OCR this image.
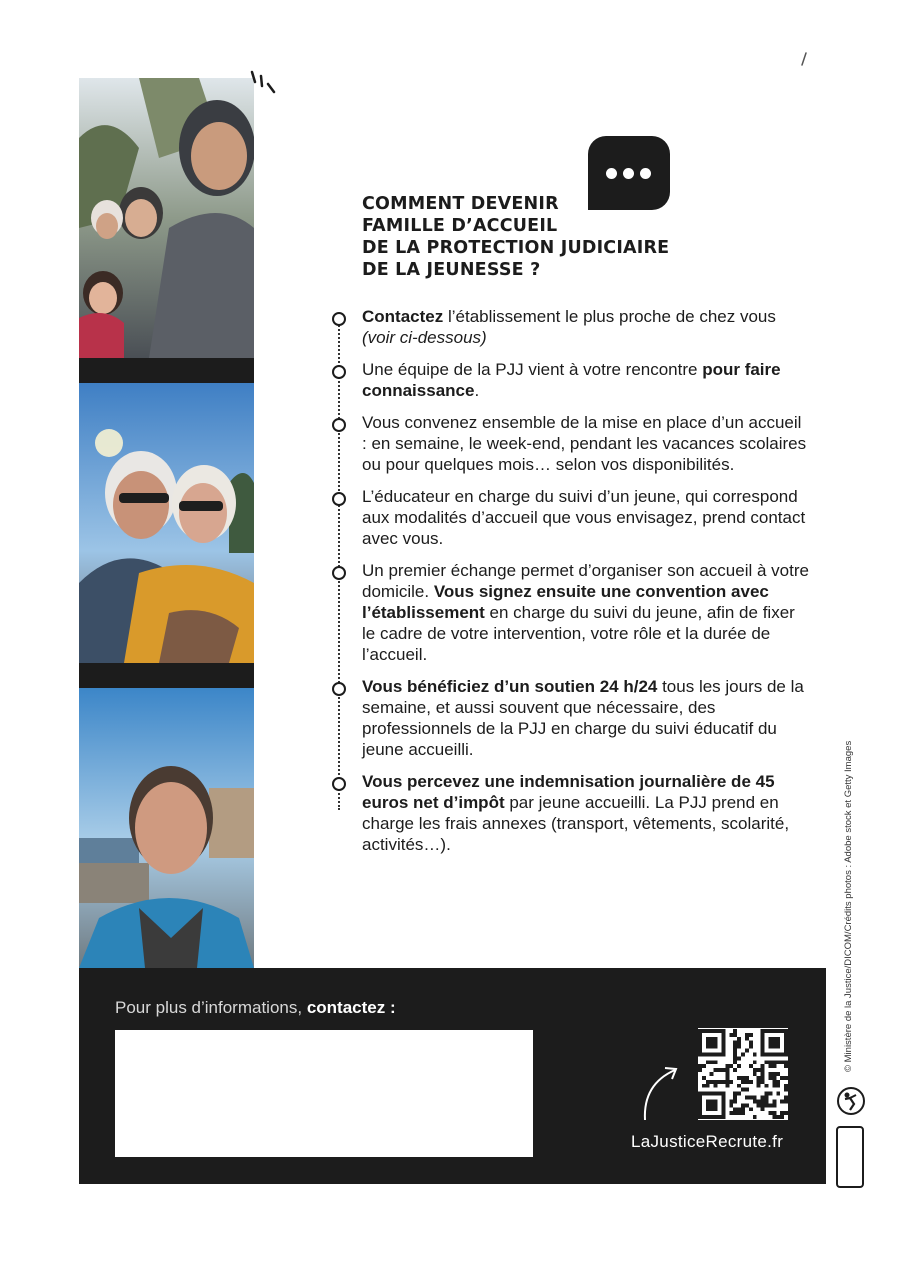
COMMENT DEVENIR
FAMILLE D’ACCUEIL
DE LA PROTECTION JUDICIAIRE
DE LA JEUNESSE ?
Contactez l’établissement le plus proche de chez vous (voir ci-dessous)
Une équipe de la PJJ vient à votre rencontre pour faire connaissance.
Vous convenez ensemble de la mise en place d’un accueil : en semaine, le week-end, pendant les vacances scolaires ou pour quelques mois… selon vos disponibilités.
L’éducateur en charge du suivi d’un jeune, qui correspond aux modalités d’accueil que vous envisagez, prend contact avec vous.
Un premier échange permet d’organiser son accueil à votre domicile. Vous signez ensuite une convention avec l’établissement en charge du suivi du jeune, afin de fixer le cadre de votre intervention, votre rôle et la durée de l’accueil.
Vous bénéficiez d’un soutien 24 h/24 tous les jours de la semaine, et aussi souvent que nécessaire, des professionnels de la PJJ en charge du suivi éducatif du jeune accueilli.
Vous percevez une indemnisation journalière de 45 euros net d’impôt par jeune accueilli. La PJJ prend en charge les frais annexes (transport, vêtements, scolarité, activités…).
Pour plus d’informations, contactez :
LaJusticeRecrute.fr
© Ministère de la Justice/DICOM/Crédits photos : Adobe stock et Getty Images
